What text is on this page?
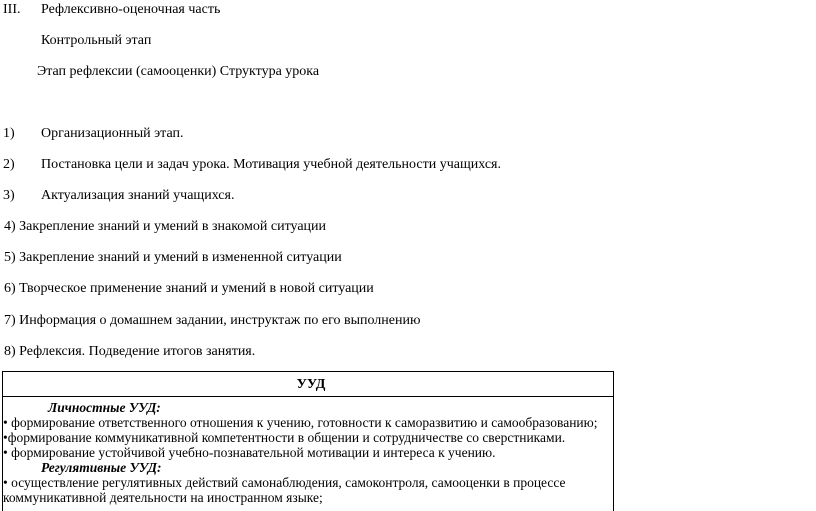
III. Рефлексивно-оценочная часть
Контрольный этап
Этап рефлексии (самооценки) Структура урока
1) Организационный этап.
2) Постановка цели и задач урока. Мотивация учебной деятельности учащихся.
3) Актуализация знаний учащихся.
4) Закрепление знаний и умений в знакомой ситуации
5) Закрепление знаний и умений в измененной ситуации
6) Творческое применение знаний и умений в новой ситуации
7) Информация о домашнем задании, инструктаж по его выполнению
8) Рефлексия. Подведение итогов занятия.
УУД
Личностные УУД:
• формирование ответственного отношения к учению, готовности к саморазвитию и самообразованию;
•формирование коммуникативной компетентности в общении и сотрудничестве со сверстниками.
• формирование устойчивой учебно-познавательной мотивации и интереса к учению.
Регулятивные УУД:
• осуществление регулятивных действий самонаблюдения, самоконтроля, самооценки в процессе
коммуникативной деятельности на иностранном языке;
